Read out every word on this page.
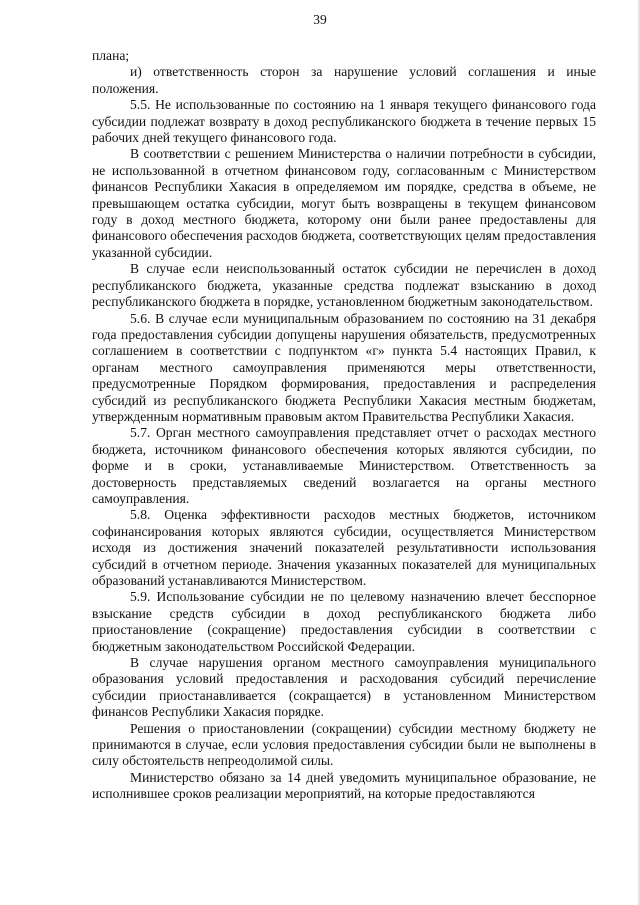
39

плана;

и) ответственность сторон за нарушение условий соглашения и иные положения.

5.5. Не использованные по состоянию на 1 января текущего финансового года субсидии подлежат возврату в доход республиканского бюджета в течение первых 15 рабочих дней текущего финансового года.

В соответствии с решением Министерства о наличии потребности в субсидии, не использованной в отчетном финансовом году, согласованным с Министерством финансов Республики Хакасия в определяемом им порядке, средства в объеме, не превышающем остатка субсидии, могут быть возвращены в текущем финансовом году в доход местного бюджета, которому они были ранее предоставлены для финансового обеспечения расходов бюджета, соответствующих целям предоставления указанной субсидии.

В случае если неиспользованный остаток субсидии не перечислен в доход республиканского бюджета, указанные средства подлежат взысканию в доход республиканского бюджета в порядке, установленном бюджетным законодательством.

5.6. В случае если муниципальным образованием по состоянию на 31 декабря года предоставления субсидии допущены нарушения обязательств, предусмотренных соглашением в соответствии с подпунктом «г» пункта 5.4 настоящих Правил, к органам местного самоуправления применяются меры ответственности, предусмотренные Порядком формирования, предоставления и распределения субсидий из республиканского бюджета Республики Хакасия местным бюджетам, утвержденным нормативным правовым актом Правительства Республики Хакасия.

5.7. Орган местного самоуправления представляет отчет о расходах местного бюджета, источником финансового обеспечения которых являются субсидии, по форме и в сроки, устанавливаемые Министерством. Ответственность за достоверность представляемых сведений возлагается на органы местного самоуправления.

5.8. Оценка эффективности расходов местных бюджетов, источником софинансирования которых являются субсидии, осуществляется Министерством исходя из достижения значений показателей результативности использования субсидий в отчетном периоде. Значения указанных показателей для муниципальных образований устанавливаются Министерством.

5.9. Использование субсидии не по целевому назначению влечет бесспорное взыскание средств субсидии в доход республиканского бюджета либо приостановление (сокращение) предоставления субсидии в соответствии с бюджетным законодательством Российской Федерации.

В случае нарушения органом местного самоуправления муниципального образования условий предоставления и расходования субсидий перечисление субсидии приостанавливается (сокращается) в установленном Министерством финансов Республики Хакасия порядке.

Решения о приостановлении (сокращении) субсидии местному бюджету не принимаются в случае, если условия предоставления субсидии были не выполнены в силу обстоятельств непреодолимой силы.

Министерство обязано за 14 дней уведомить муниципальное образование, не исполнившее сроков реализации мероприятий, на которые предоставляются
